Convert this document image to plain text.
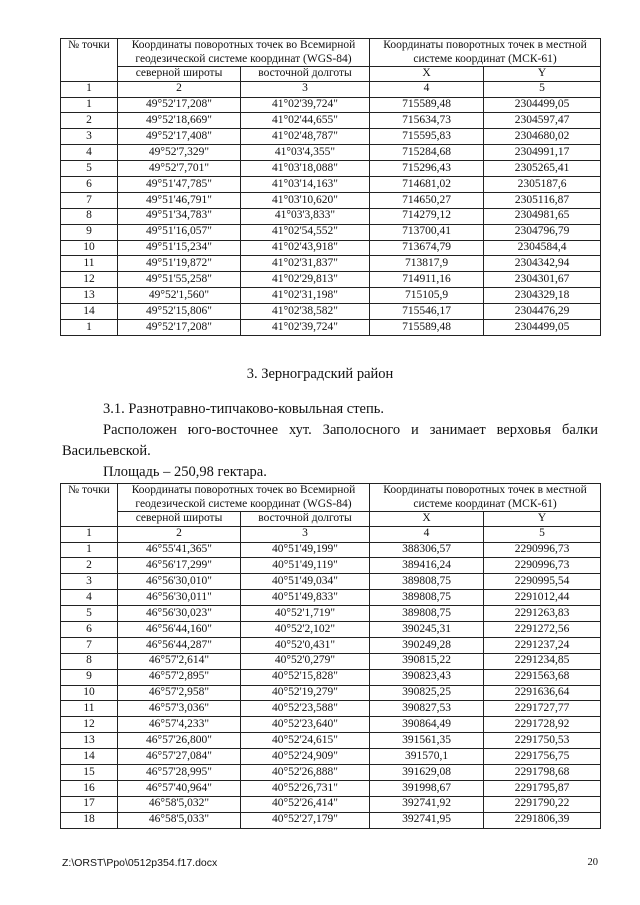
№ точки	Координаты поворотных точек во Всемирной геодезической системе координат (WGS-84)		Координаты поворотных точек в местной системе координат (МСК-61)	
	северной широты	восточной долготы	X	Y
1	2	3	4	5
1	49°52'17,208"	41°02'39,724"	715589,48	2304499,05
2	49°52'18,669"	41°02'44,655"	715634,73	2304597,47
3	49°52'17,408"	41°02'48,787"	715595,83	2304680,02
4	49°52'7,329"	41°03'4,355"	715284,68	2304991,17
5	49°52'7,701"	41°03'18,088"	715296,43	2305265,41
6	49°51'47,785"	41°03'14,163"	714681,02	2305187,6
7	49°51'46,791"	41°03'10,620"	714650,27	2305116,87
8	49°51'34,783"	41°03'3,833"	714279,12	2304981,65
9	49°51'16,057"	41°02'54,552"	713700,41	2304796,79
10	49°51'15,234"	41°02'43,918"	713674,79	2304584,4
11	49°51'19,872"	41°02'31,837"	713817,9	2304342,94
12	49°51'55,258"	41°02'29,813"	714911,16	2304301,67
13	49°52'1,560"	41°02'31,198"	715105,9	2304329,18
14	49°52'15,806"	41°02'38,582"	715546,17	2304476,29
1	49°52'17,208"	41°02'39,724"	715589,48	2304499,05
3. Зерноградский район
3.1. Разнотравно-типчаково-ковыльная степь.
Расположен юго-восточнее хут. Заполосного и занимает верховья балки Васильевской.
Площадь – 250,98 гектара.
№ точки	Координаты поворотных точек во Всемирной геодезической системе координат (WGS-84)		Координаты поворотных точек в местной системе координат (МСК-61)	
	северной широты	восточной долготы	X	Y
1	2	3	4	5
1	46°55'41,365"	40°51'49,199"	388306,57	2290996,73
2	46°56'17,299"	40°51'49,119"	389416,24	2290996,73
3	46°56'30,010"	40°51'49,034"	389808,75	2290995,54
4	46°56'30,011"	40°51'49,833"	389808,75	2291012,44
5	46°56'30,023"	40°52'1,719"	389808,75	2291263,83
6	46°56'44,160"	40°52'2,102"	390245,31	2291272,56
7	46°56'44,287"	40°52'0,431"	390249,28	2291237,24
8	46°57'2,614"	40°52'0,279"	390815,22	2291234,85
9	46°57'2,895"	40°52'15,828"	390823,43	2291563,68
10	46°57'2,958"	40°52'19,279"	390825,25	2291636,64
11	46°57'3,036"	40°52'23,588"	390827,53	2291727,77
12	46°57'4,233"	40°52'23,640"	390864,49	2291728,92
13	46°57'26,800"	40°52'24,615"	391561,35	2291750,53
14	46°57'27,084"	40°52'24,909"	391570,1	2291756,75
15	46°57'28,995"	40°52'26,888"	391629,08	2291798,68
16	46°57'40,964"	40°52'26,731"	391998,67	2291795,87
17	46°58'5,032"	40°52'26,414"	392741,92	2291790,22
18	46°58'5,033"	40°52'27,179"	392741,95	2291806,39
Z:\ORST\Ppo\0512p354.f17.docx	20
